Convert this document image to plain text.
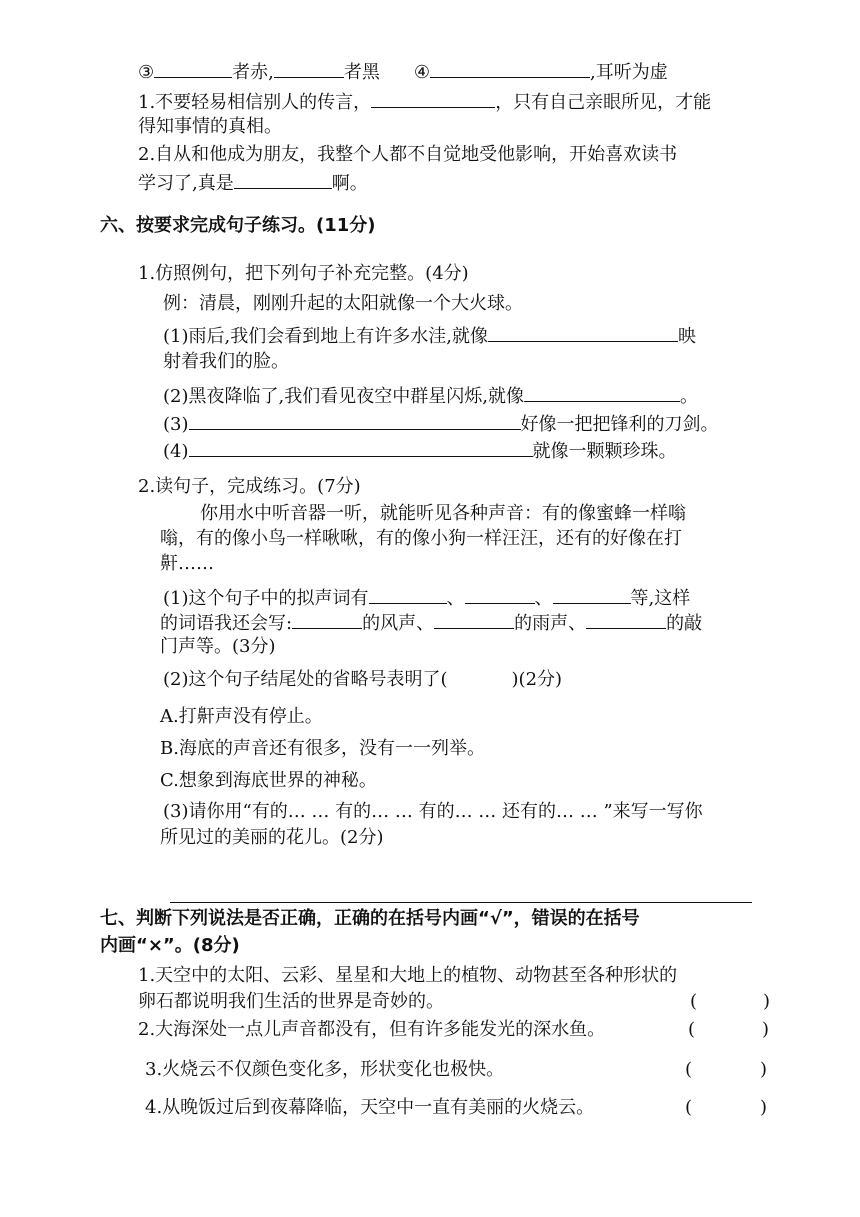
③	者赤,	者黑 ④	,耳听为虚
1.不要轻易相信别人的传言，	，只有自己亲眼所见，才能
得知事情的真相。
2.自从和他成为朋友，我整个人都不自觉地受他影响，开始喜欢读书
学习了,真是	啊。
六、按要求完成句子练习。(11分)
1.仿照例句，把下列句子补充完整。(4分)
例：清晨，刚刚升起的太阳就像一个大火球。
(1)雨后,我们会看到地上有许多水洼,就像	映
射着我们的脸。
(2)黑夜降临了,我们看见夜空中群星闪烁,就像	。
(3)	好像一把把锋利的刀剑。
(4)	就像一颗颗珍珠。
2.读句子，完成练习。(7分)
你用水中听音器一听，就能听见各种声音：有的像蜜蜂一样嗡
嗡，有的像小鸟一样啾啾，有的像小狗一样汪汪，还有的好像在打
鼾……
(1)这个句子中的拟声词有	、	、	等,这样
的词语我还会写:	的风声、	的雨声、	的敲
门声等。(3分)
(2)这个句子结尾处的省略号表明了(	)(2分)
A.打鼾声没有停止。
B.海底的声音还有很多，没有一一列举。
C.想象到海底世界的神秘。
(3)请你用“有的… … 有的… … 有的… … 还有的… … ”来写一写你
所见过的美丽的花儿。(2分)
七、判断下列说法是否正确，正确的在括号内画“√”，错误的在括号
内画“×”。(8分)
1.天空中的太阳、云彩、星星和大地上的植物、动物甚至各种形状的
卵石都说明我们生活的世界是奇妙的。	(	)
2.大海深处一点儿声音都没有，但有许多能发光的深水鱼。	(	)
3.火烧云不仅颜色变化多，形状变化也极快。	(	)
4.从晚饭过后到夜幕降临，天空中一直有美丽的火烧云。	(	)
